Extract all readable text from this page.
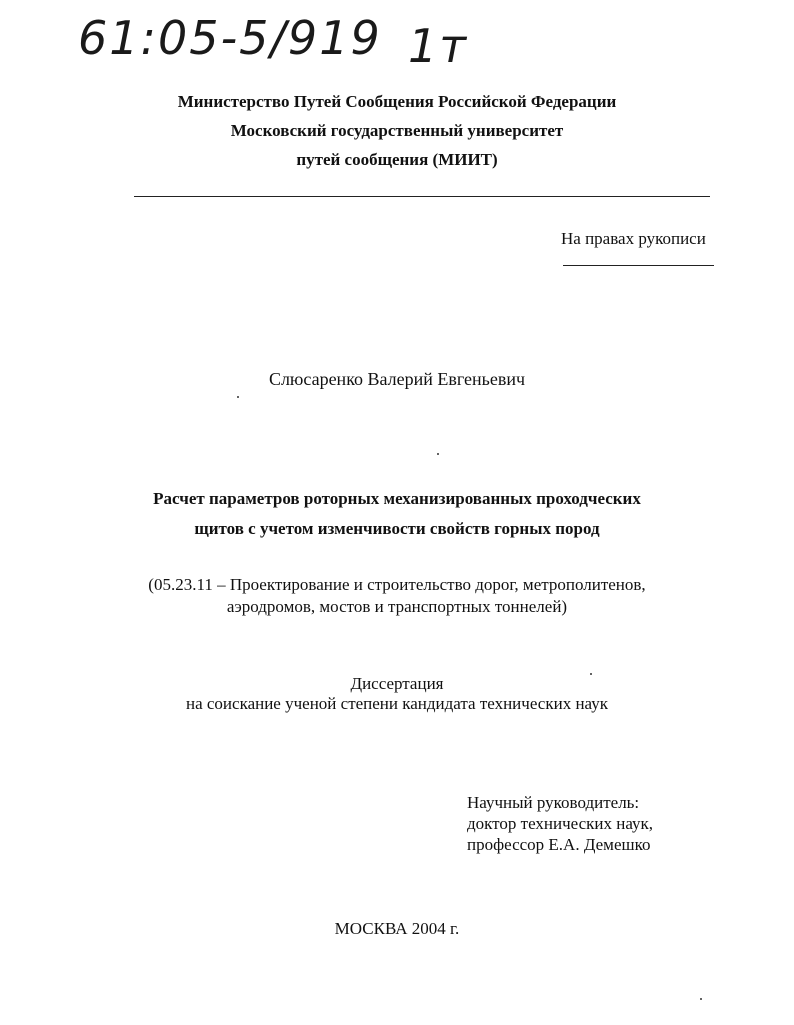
61:05-5/919 1т
Министерство Путей Сообщения Российской Федерации
Московский государственный университет
путей сообщения (МИИТ)
На правах рукописи
Слюсаренко Валерий Евгеньевич
Расчет параметров роторных механизированных проходческих
щитов с учетом изменчивости свойств горных пород
(05.23.11 – Проектирование и строительство дорог, метрополитенов,
аэродромов, мостов и транспортных тоннелей)
Диссертация
на соискание ученой степени кандидата технических наук
Научный руководитель:
доктор технических наук,
профессор Е.А. Демешко
МОСКВА 2004 г.
